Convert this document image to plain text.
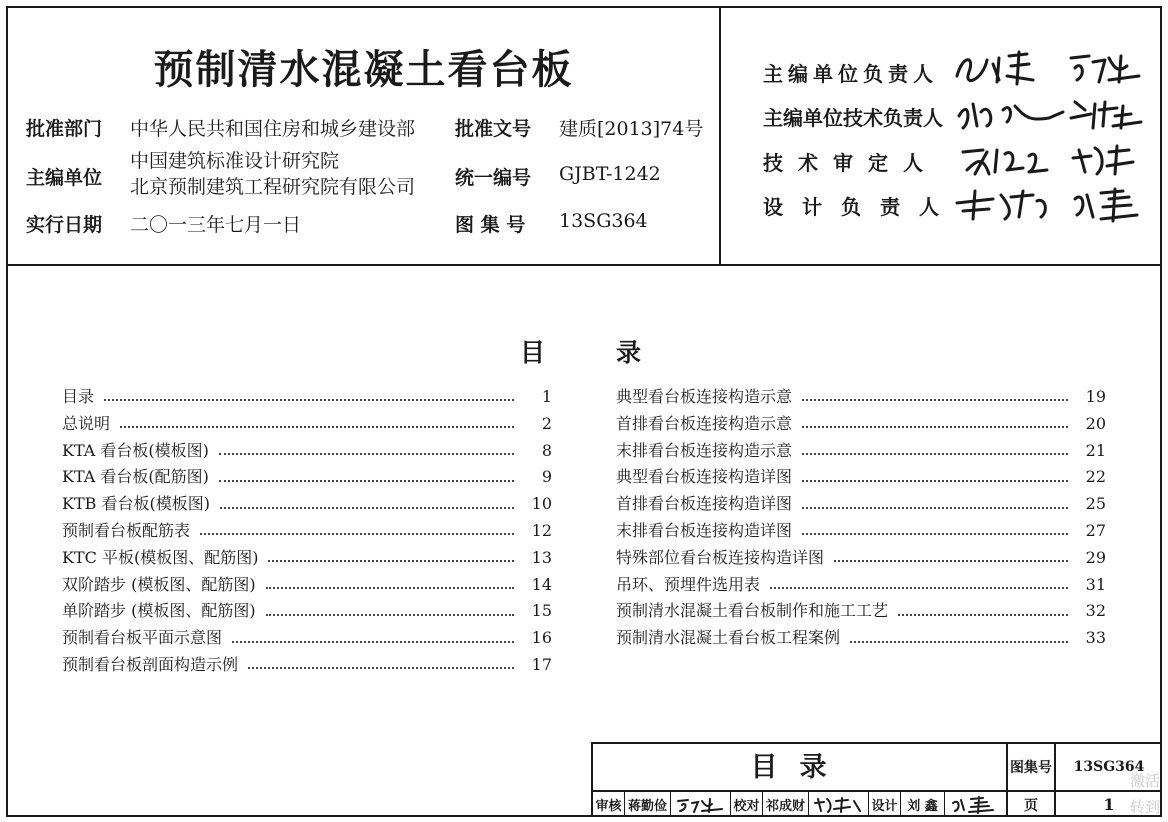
预制清水混凝土看台板
批准部门 中华人民共和国住房和城乡建设部 批准文号 建质[2013]74号
主编单位
中国建筑标准设计研究院
北京预制建筑工程研究院有限公司 统一编号 GJBT-1242
实行日期 二〇一三年七月一日	图 集 号 13SG364
主编单位负责人
主编单位技术负责人
技术审定人
设计负责人
目	录
目录	1
总说明	2
KTA 看台板(模板图)	8
KTA 看台板(配筋图)	9
KTB 看台板(模板图)	10
预制看台板配筋表	12
KTC 平板(模板图、配筋图)	13
双阶踏步 (模板图、配筋图)	14
单阶踏步 (模板图、配筋图)	15
预制看台板平面示意图	16
预制看台板剖面构造示例	17
典型看台板连接构造示意	19
首排看台板连接构造示意	20
末排看台板连接构造示意	21
典型看台板连接构造详图	22
首排看台板连接构造详图	25
末排看台板连接构造详图	27
特殊部位看台板连接构造详图	29
吊环、预埋件选用表	31
预制清水混凝土看台板制作和施工工艺	32
预制清水混凝土看台板工程案例	33
目录	图集号	13SG364
审核 蒋勤俭	校对 祁成财	设计 刘 鑫	页	1
激活
转到
